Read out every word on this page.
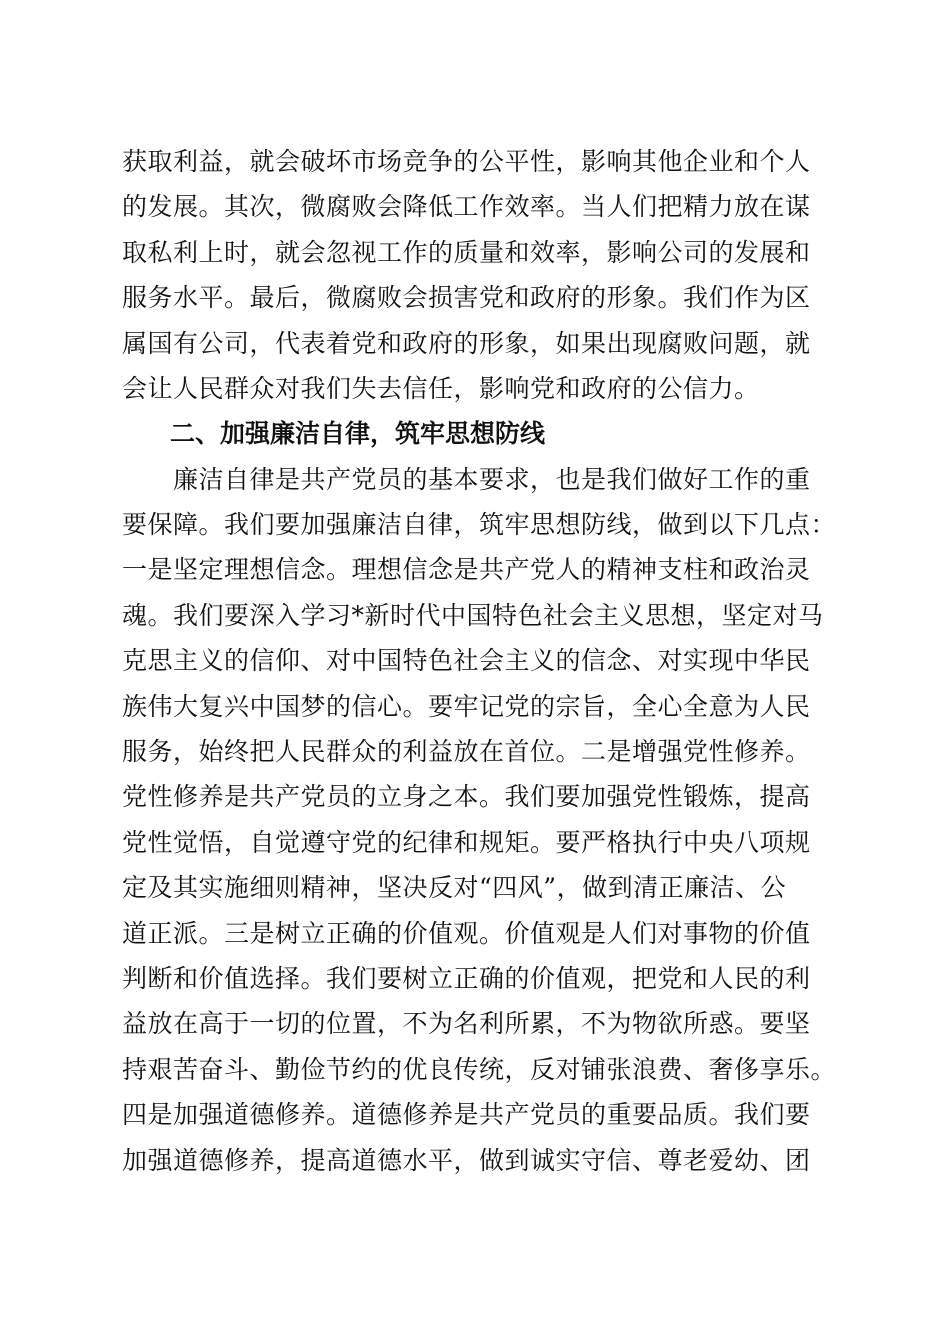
获取利益，就会破坏市场竞争的公平性，影响其他企业和个人
的发展。其次，微腐败会降低工作效率。当人们把精力放在谋
取私利上时，就会忽视工作的质量和效率，影响公司的发展和
服务水平。最后，微腐败会损害党和政府的形象。我们作为区
属国有公司，代表着党和政府的形象，如果出现腐败问题，就
会让人民群众对我们失去信任，影响党和政府的公信力。
二、加强廉洁自律，筑牢思想防线
　　廉洁自律是共产党员的基本要求，也是我们做好工作的重
要保障。我们要加强廉洁自律，筑牢思想防线，做到以下几点：
一是坚定理想信念。理想信念是共产党人的精神支柱和政治灵
魂。我们要深入学习*新时代中国特色社会主义思想，坚定对马
克思主义的信仰、对中国特色社会主义的信念、对实现中华民
族伟大复兴中国梦的信心。要牢记党的宗旨，全心全意为人民
服务，始终把人民群众的利益放在首位。二是增强党性修养。
党性修养是共产党员的立身之本。我们要加强党性锻炼，提高
党性觉悟，自觉遵守党的纪律和规矩。要严格执行中央八项规
定及其实施细则精神，坚决反对“四风”，做到清正廉洁、公
道正派。三是树立正确的价值观。价值观是人们对事物的价值
判断和价值选择。我们要树立正确的价值观，把党和人民的利
益放在高于一切的位置，不为名利所累，不为物欲所惑。要坚
持艰苦奋斗、勤俭节约的优良传统，反对铺张浪费、奢侈享乐。
四是加强道德修养。道德修养是共产党员的重要品质。我们要
加强道德修养，提高道德水平，做到诚实守信、尊老爱幼、团
